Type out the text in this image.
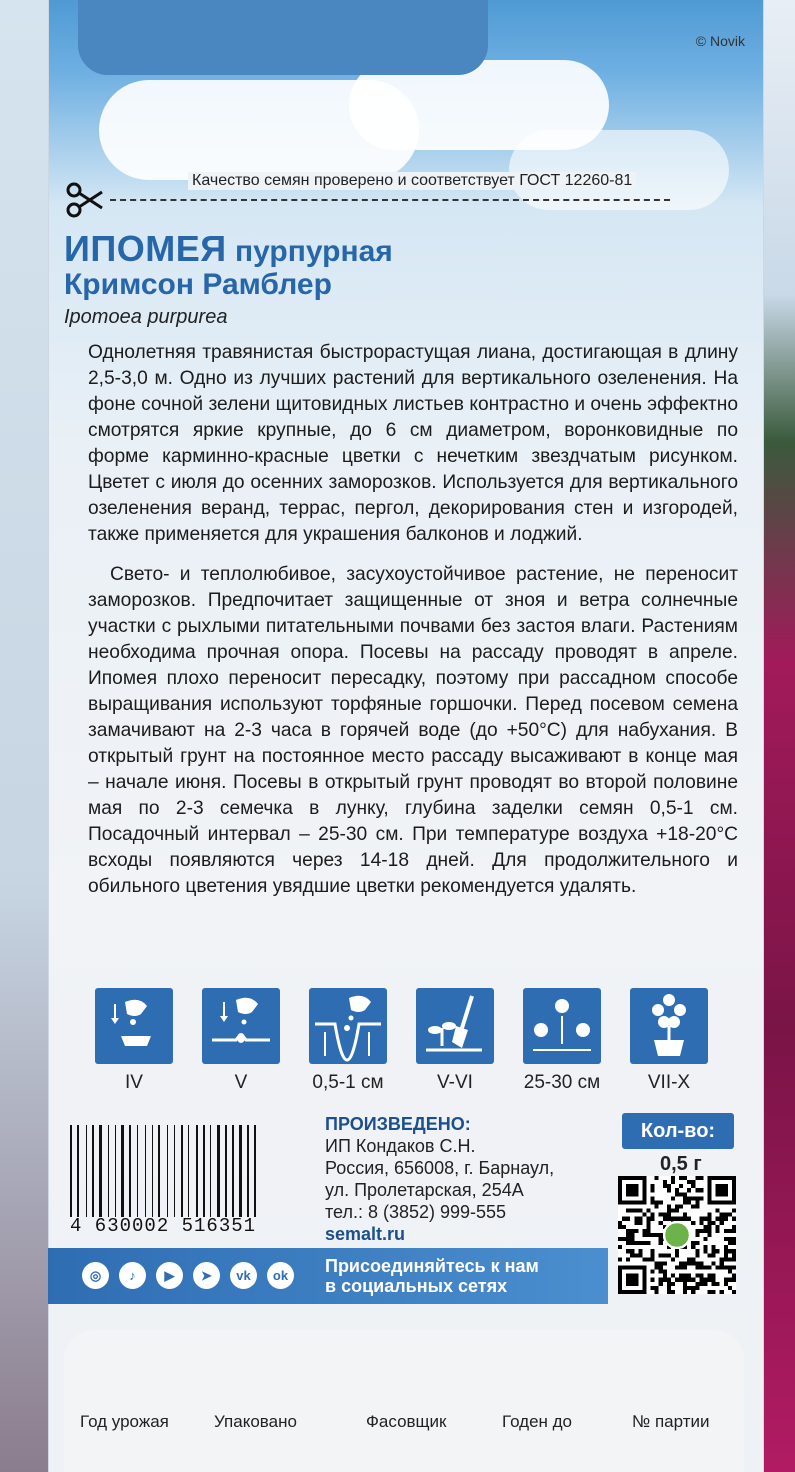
© Novik
Качество семян проверено и соответствует ГОСТ 12260-81
ИПОМЕЯ пурпурная
Кримсон Рамблер
Ipomoea purpurea

Однолетняя травянистая быстрорастущая лиана, достигающая в длину 2,5-3,0 м. Одно из лучших растений для вертикального озеленения. На фоне сочной зелени щитовидных листьев контрастно и очень эффектно смотрятся яркие крупные, до 6 см диаметром, воронковидные по форме карминно-красные цветки с нечетким звездчатым рисунком. Цветет с июля до осенних заморозков. Используется для вертикального озеленения веранд, террас, пергол, декорирования стен и изгородей, также применяется для украшения балконов и лоджий.

Свето- и теплолюбивое, засухоустойчивое растение, не переносит заморозков. Предпочитает защищенные от зноя и ветра солнечные участки с рыхлыми питательными почвами без застоя влаги. Растениям необходима прочная опора. Посевы на рассаду проводят в апреле. Ипомея плохо переносит пересадку, поэтому при рассадном способе выращивания используют торфяные горшочки. Перед посевом семена замачивают на 2-3 часа в горячей воде (до +50°C) для набухания. В открытый грунт на постоянное место рассаду высаживают в конце мая – начале июня. Посевы в открытый грунт проводят во второй половине мая по 2-3 семечка в лунку, глубина заделки семян 0,5-1 см. Посадочный интервал – 25-30 см. При температуре воздуха +18-20°C всходы появляются через 14-18 дней. Для продолжительного и обильного цветения увядшие цветки рекомендуется удалять.

IV	V	0,5-1 см	V-VI	25-30 см	VII-X
4 630002 516351
ПРОИЗВЕДЕНО:
ИП Кондаков С.Н.
Россия, 656008, г. Барнаул,
ул. Пролетарская, 254А
тел.: 8 (3852) 999-555
semalt.ru
Кол-во:
0,5 г
◎	♪	▶	➤	vk	ok	Присоединяйтесь к нам
в социальных сетях
Год урожая	Упаковано	Фасовщик	Годен до	№ партии
